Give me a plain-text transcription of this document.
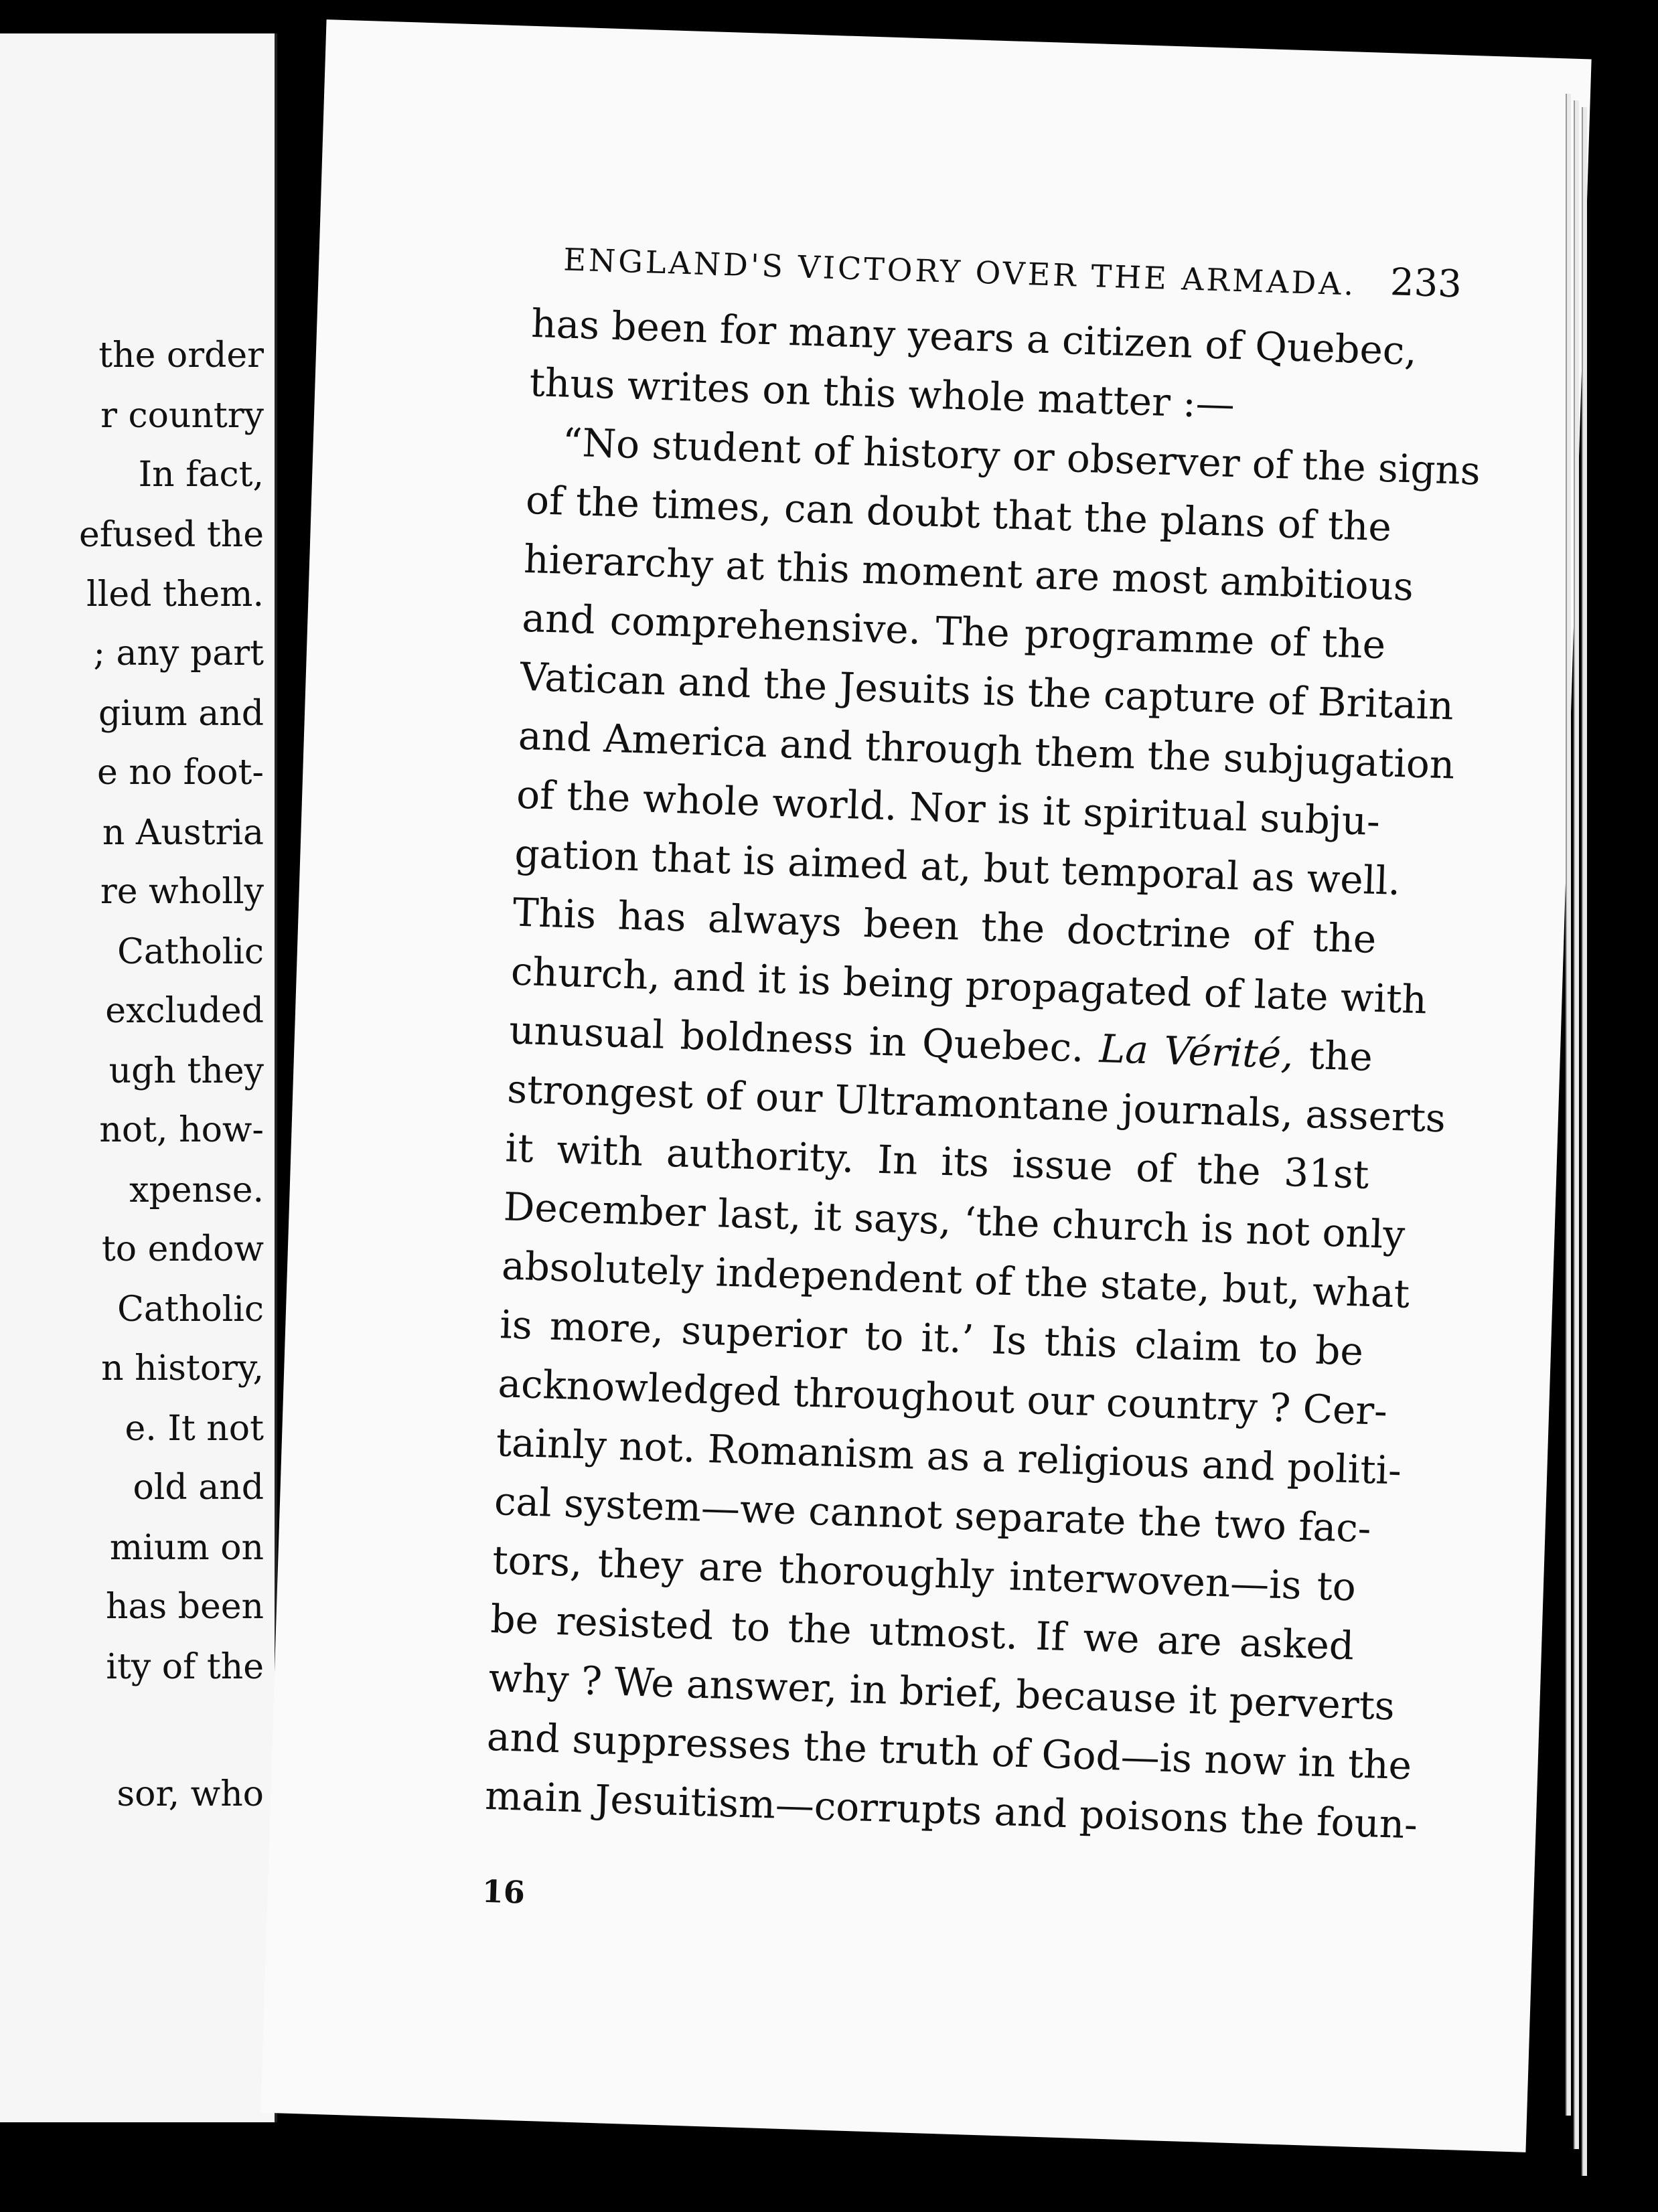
the order
r country
In fact,
efused the
lled them.
; any part
gium and
e no foot-
n Austria
re wholly
Catholic
excluded
ugh they
not, how-
xpense.
to endow
Catholic
n history,
e. It not
old and
mium on
has been
ity of the
sor, who
ENGLAND'S VICTORY OVER THE ARMADA. 233
has been for many years a citizen of Quebec,
thus writes on this whole matter :—
“No student of history or observer of the signs
of the times, can doubt that the plans of the
hierarchy at this moment are most ambitious
and comprehensive. The programme of the
Vatican and the Jesuits is the capture of Britain
and America and through them the subjugation
of the whole world. Nor is it spiritual subju-
gation that is aimed at, but temporal as well.
This has always been the doctrine of the
church, and it is being propagated of late with
unusual boldness in Quebec. La Vérité, the
strongest of our Ultramontane journals, asserts
it with authority. In its issue of the 31st
December last, it says, ‘the church is not only
absolutely independent of the state, but, what
is more, superior to it.’ Is this claim to be
acknowledged throughout our country ? Cer-
tainly not. Romanism as a religious and politi-
cal system—we cannot separate the two fac-
tors, they are thoroughly interwoven—is to
be resisted to the utmost. If we are asked
why ? We answer, in brief, because it perverts
and suppresses the truth of God—is now in the
main Jesuitism—corrupts and poisons the foun-
16
